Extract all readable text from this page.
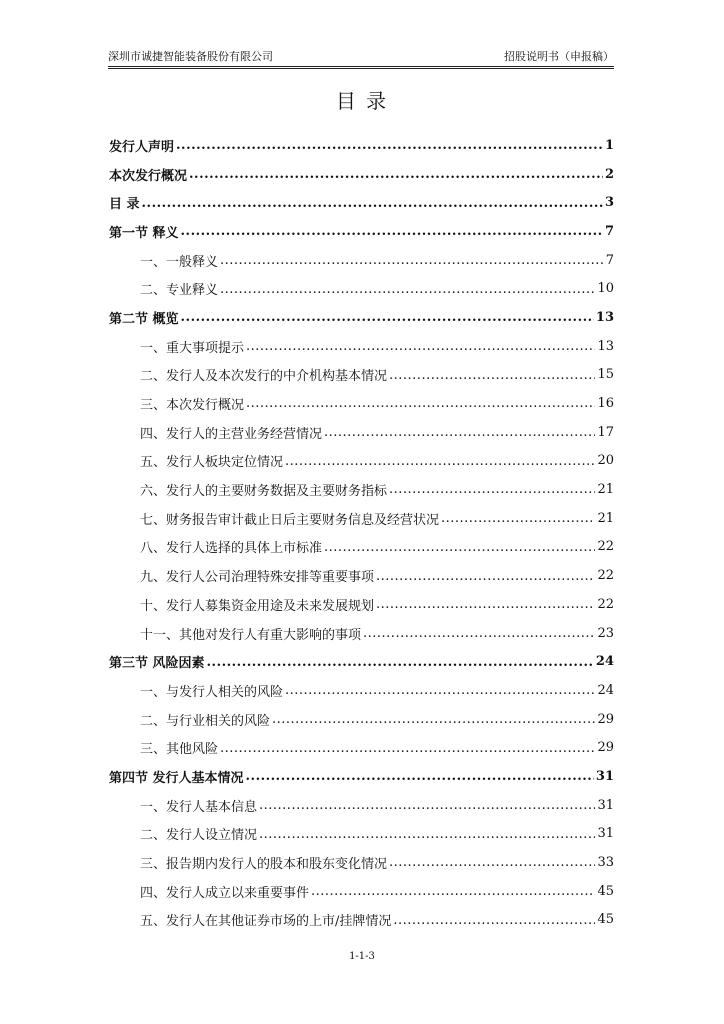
深圳市诚捷智能装备股份有限公司	招股说明书（申报稿）
目 录
发行人声明 .....	1
本次发行概况 .....	2
目 录 .....	3
第一节 释义 .....	7
一、一般释义 .....	7
二、专业释义 .....	10
第二节 概览 .....	13
一、重大事项提示 .....	13
二、发行人及本次发行的中介机构基本情况 .....	15
三、本次发行概况 .....	16
四、发行人的主营业务经营情况 .....	17
五、发行人板块定位情况 .....	20
六、发行人的主要财务数据及主要财务指标 .....	21
七、财务报告审计截止日后主要财务信息及经营状况 .....	21
八、发行人选择的具体上市标准 .....	22
九、发行人公司治理特殊安排等重要事项 .....	22
十、发行人募集资金用途及未来发展规划 .....	22
十一、其他对发行人有重大影响的事项 .....	23
第三节 风险因素 .....	24
一、与发行人相关的风险 .....	24
二、与行业相关的风险 .....	29
三、其他风险 .....	29
第四节 发行人基本情况 .....	31
一、发行人基本信息 .....	31
二、发行人设立情况 .....	31
三、报告期内发行人的股本和股东变化情况 .....	33
四、发行人成立以来重要事件 .....	45
五、发行人在其他证券市场的上市/挂牌情况 .....	45
1-1-3
